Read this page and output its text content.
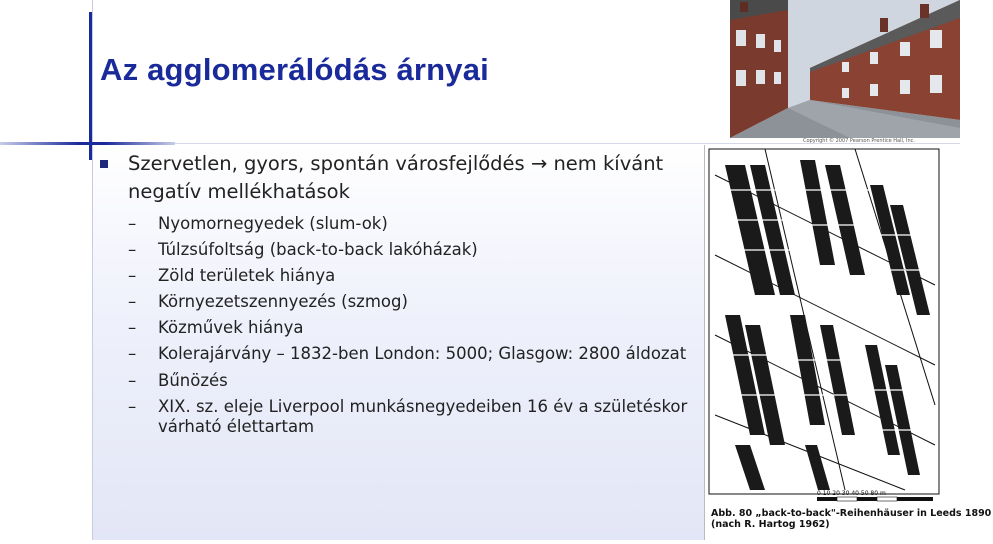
Az agglomerálódás árnyai
Szervetlen, gyors, spontán városfejlődés → nem kívánt negatív mellékhatások
– Nyomornegyedek (slum-ok)
– Túlzsúfoltság (back-to-back lakóházak)
– Zöld területek hiánya
– Környezetszennyezés (szmog)
– Közművek hiánya
– Kolerajárvány – 1832-ben London: 5000; Glasgow: 2800 áldozat
– Bűnözés
– XIX. sz. eleje Liverpool munkásnegyedeiben 16 év a születéskor várható élettartam
Copyright © 2007 Pearson Prentice Hall, Inc.
0 10 20 30 40 50 80 m
Abb. 80 „back-to-back"-Reihenhäuser in Leeds 1890
(nach R. Hartog 1962)
